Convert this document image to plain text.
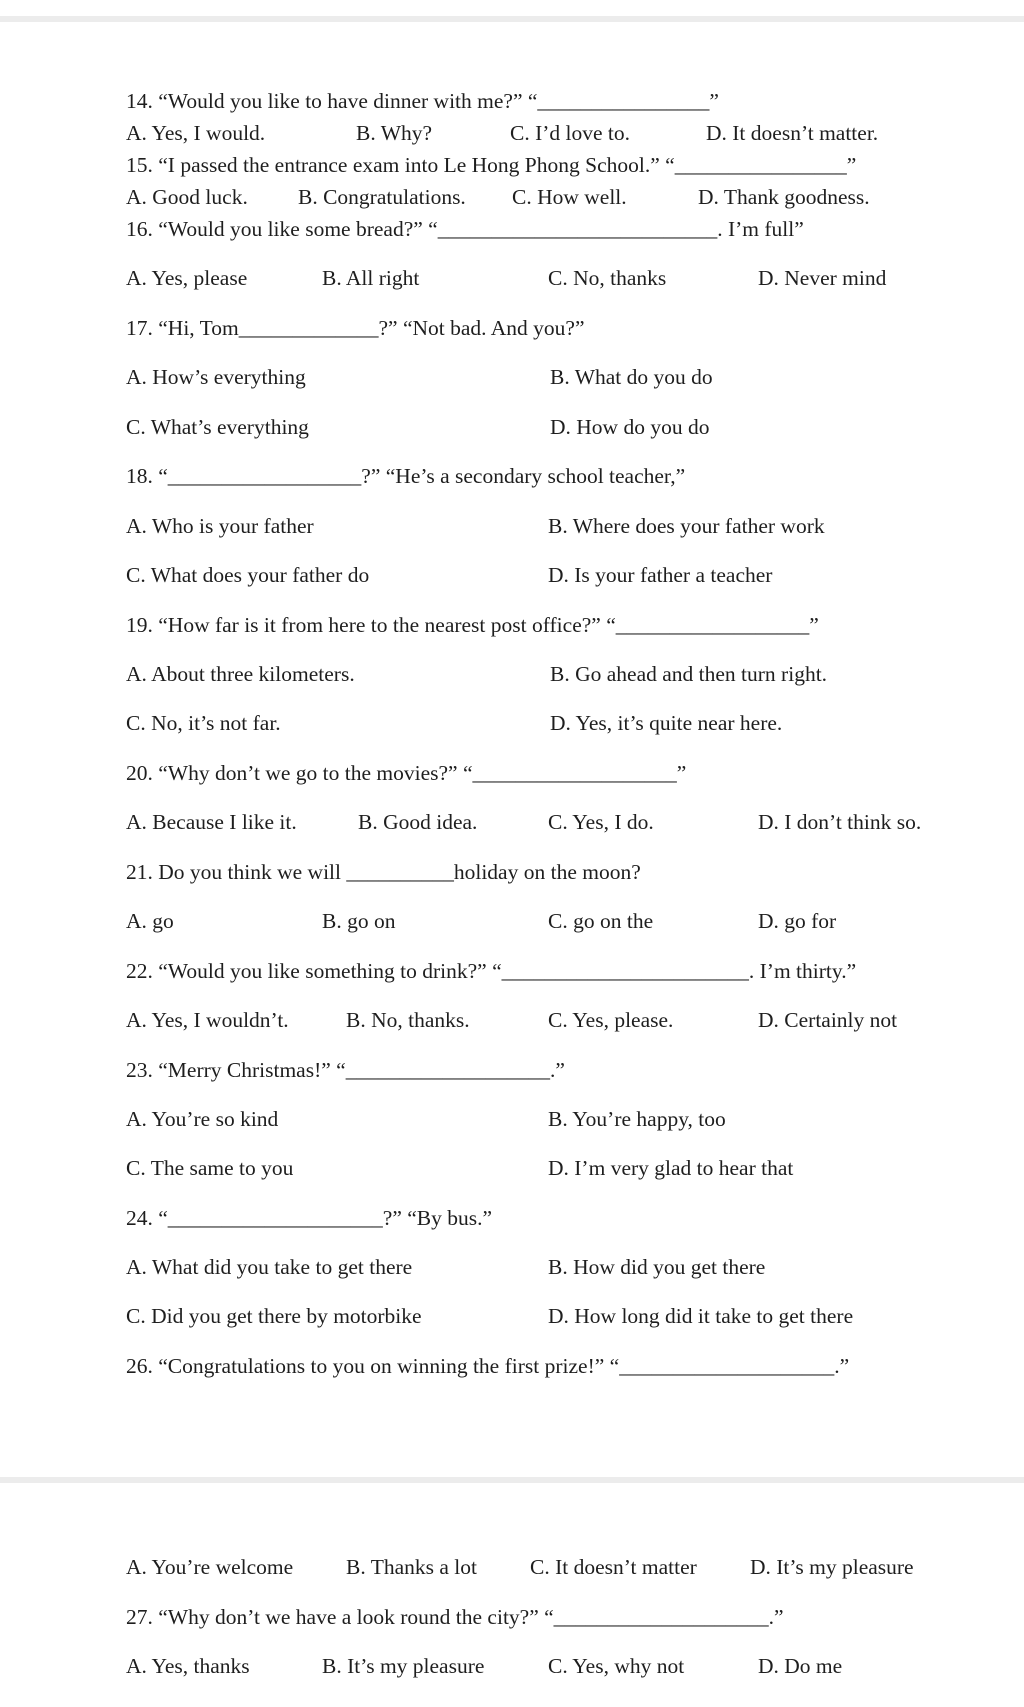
14. “Would you like to have dinner with me?” “________________”
A. Yes, I would.	B. Why?	C. I’d love to.	D. It doesn’t matter.
15. “I passed the entrance exam into Le Hong Phong School.” “________________”
A. Good luck. B. Congratulations. C. How well.	D. Thank goodness.
16. “Would you like some bread?” “__________________________. I’m full”
A. Yes, please	B. All right	C. No, thanks	D. Never mind
17. “Hi, Tom_____________?” “Not bad. And you?”
A. How’s everything	B. What do you do
C. What’s everything	D. How do you do
18. “__________________?” “He’s a secondary school teacher,”
A. Who is your father	B. Where does your father work
C. What does your father do	D. Is your father a teacher
19. “How far is it from here to the nearest post office?” “__________________”
A. About three kilometers.	B. Go ahead and then turn right.
C. No, it’s not far.	D. Yes, it’s quite near here.
20. “Why don’t we go to the movies?” “___________________”
A. Because I like it.	B. Good idea.	C. Yes, I do.	D. I don’t think so.
21. Do you think we will __________holiday on the moon?
A. go	B. go on	C. go on the	D. go for
22. “Would you like something to drink?” “_______________________. I’m thirty.”
A. Yes, I wouldn’t.	B. No, thanks.	C. Yes, please.	D. Certainly not
23. “Merry Christmas!” “___________________.”
A. You’re so kind	B. You’re happy, too
C. The same to you	D. I’m very glad to hear that
24. “____________________?” “By bus.”
A. What did you take to get there	B. How did you get there
C. Did you get there by motorbike	D. How long did it take to get there
26. “Congratulations to you on winning the first prize!” “____________________.”
A. You’re welcome B. Thanks a lot C. It doesn’t matter D. It’s my pleasure
27. “Why don’t we have a look round the city?” “____________________.”
A. Yes, thanks	B. It’s my pleasure	C. Yes, why not	D. Do me
